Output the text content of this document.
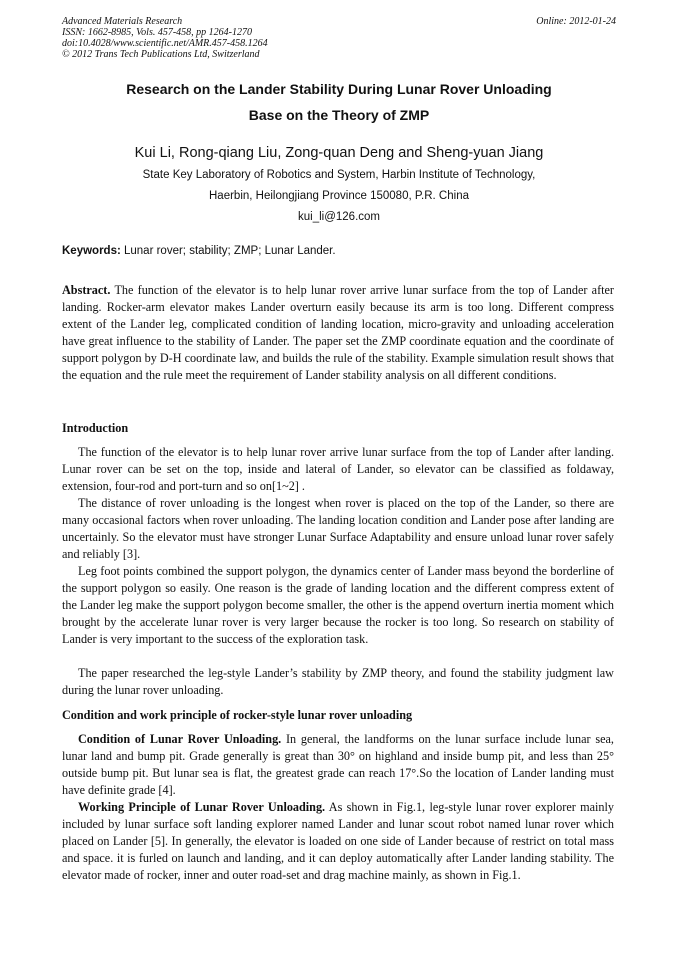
Advanced Materials Research
ISSN: 1662-8985, Vols. 457-458, pp 1264-1270
doi:10.4028/www.scientific.net/AMR.457-458.1264
© 2012 Trans Tech Publications Ltd, Switzerland
Online: 2012-01-24
Research on the Lander Stability During Lunar Rover Unloading
Base on the Theory of ZMP
Kui Li, Rong-qiang Liu, Zong-quan Deng and Sheng-yuan Jiang
State Key Laboratory of Robotics and System, Harbin Institute of Technology,
Haerbin, Heilongjiang Province 150080, P.R. China
kui_li@126.com
Keywords: Lunar rover; stability; ZMP; Lunar Lander.
Abstract. The function of the elevator is to help lunar rover arrive lunar surface from the top of Lander after landing. Rocker-arm elevator makes Lander overturn easily because its arm is too long. Different compress extent of the Lander leg, complicated condition of landing location, micro-gravity and unloading acceleration have great influence to the stability of Lander. The paper set the ZMP coordinate equation and the coordinate of support polygon by D-H coordinate law, and builds the rule of the stability. Example simulation result shows that the equation and the rule meet the requirement of Lander stability analysis on all different conditions.
Introduction
The function of the elevator is to help lunar rover arrive lunar surface from the top of Lander after landing. Lunar rover can be set on the top, inside and lateral of Lander, so elevator can be classified as foldaway, extension, four-rod and port-turn and so on[1~2] .
The distance of rover unloading is the longest when rover is placed on the top of the Lander, so there are many occasional factors when rover unloading. The landing location condition and Lander pose after landing are uncertainly. So the elevator must have stronger Lunar Surface Adaptability and ensure unload lunar rover safely and reliably [3].
Leg foot points combined the support polygon, the dynamics center of Lander mass beyond the borderline of the support polygon so easily. One reason is the grade of landing location and the different compress extent of the Lander leg make the support polygon become smaller, the other is the append overturn inertia moment which brought by the accelerate lunar rover is very larger because the rocker is too long. So research on stability of Lander is very important to the success of the exploration task.
The paper researched the leg-style Lander’s stability by ZMP theory, and found the stability judgment law during the lunar rover unloading.
Condition and work principle of rocker-style lunar rover unloading
Condition of Lunar Rover Unloading. In general, the landforms on the lunar surface include lunar sea, lunar land and bump pit. Grade generally is great than 30° on highland and inside bump pit, and less than 25° outside bump pit. But lunar sea is flat, the greatest grade can reach 17°.So the location of Lander landing must have definite grade [4].
Working Principle of Lunar Rover Unloading. As shown in Fig.1, leg-style lunar rover explorer mainly included by lunar surface soft landing explorer named Lander and lunar scout robot named lunar rover which placed on Lander [5]. In generally, the elevator is loaded on one side of Lander because of restrict on total mass and space. it is furled on launch and landing, and it can deploy automatically after Lander landing stability. The elevator made of rocker, inner and outer road-set and drag machine mainly, as shown in Fig.1.
